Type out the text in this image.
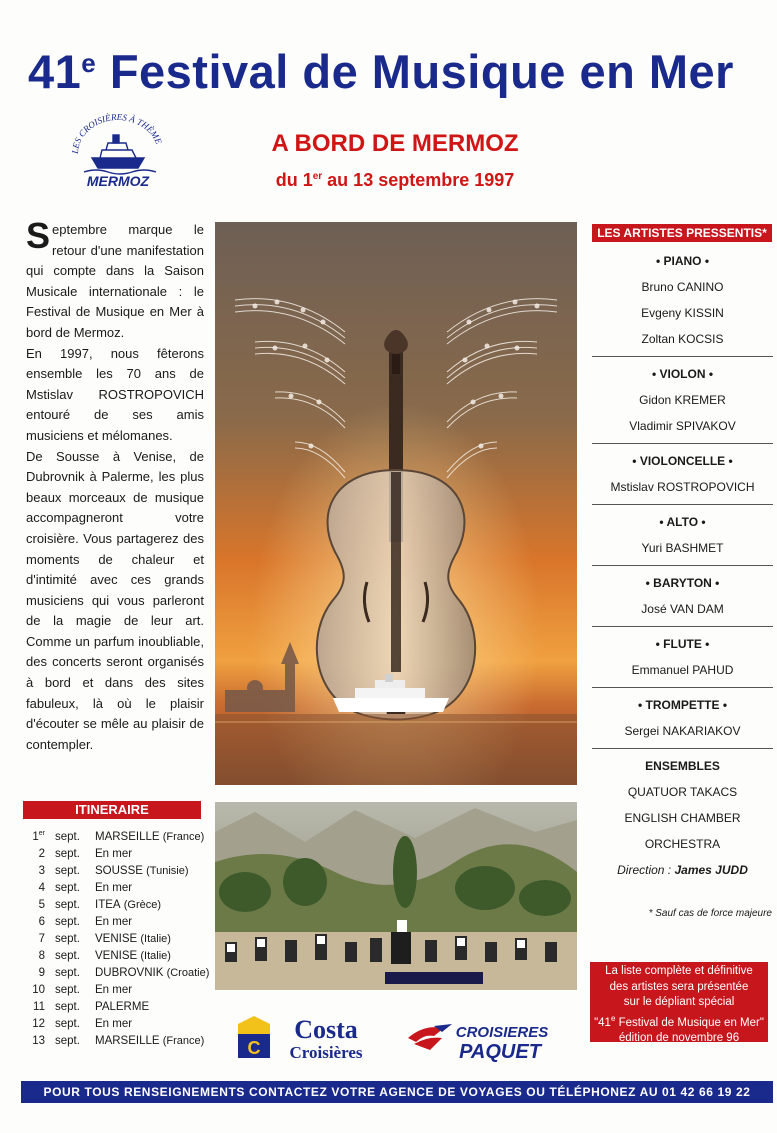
41e Festival de Musique en Mer
LES CROISIÈRES À THÈME
MERMOZ
A BORD DE MERMOZ
du 1er au 13 septembre 1997

Septembre marque le retour d'une manifestation qui compte dans la Saison Musicale internationale : le Festival de Musique en Mer à bord de Mermoz.

En 1997, nous fêterons ensemble les 70 ans de Mstislav ROSTROPOVICH entouré de ses amis musiciens et mélomanes.

De Sousse à Venise, de Dubrovnik à Palerme, les plus beaux morceaux de musique accompagneront votre croisière. Vous partagerez des moments de chaleur et d'intimité avec ces grands musiciens qui vous parleront de la magie de leur art. Comme un parfum inoubliable, des concerts seront organisés à bord et dans des sites fabuleux, là où le plaisir d'écouter se mêle au plaisir de contempler.

ITINERAIRE
1er sept. MARSEILLE (France)
2 sept. En mer
3 sept. SOUSSE (Tunisie)
4 sept. En mer
5 sept. ITEA (Grèce)
6 sept. En mer
7 sept. VENISE (Italie)
8 sept. VENISE (Italie)
9 sept. DUBROVNIK (Croatie)
10 sept. En mer
11 sept. PALERME
12 sept. En mer
13 sept. MARSEILLE (France)
LES ARTISTES PRESSENTIS*
• PIANO •
Bruno CANINO
Evgeny KISSIN
Zoltan KOCSIS
• VIOLON •
Gidon KREMER
Vladimir SPIVAKOV
• VIOLONCELLE •
Mstislav ROSTROPOVICH
• ALTO •
Yuri BASHMET
• BARYTON •
José VAN DAM
• FLUTE •
Emmanuel PAHUD
• TROMPETTE •
Sergei NAKARIAKOV
ENSEMBLES
QUATUOR TAKACS
ENGLISH CHAMBER
ORCHESTRA
Direction : James JUDD
* Sauf cas de force majeure
La liste complète et définitive
des artistes sera présentée
sur le dépliant spécial
"41e Festival de Musique en Mer"
édition de novembre 96
C
Costa
Croisières
CROISIERES
PAQUET
POUR TOUS RENSEIGNEMENTS CONTACTEZ VOTRE AGENCE DE VOYAGES OU TÉLÉPHONEZ AU 01 42 66 19 22
